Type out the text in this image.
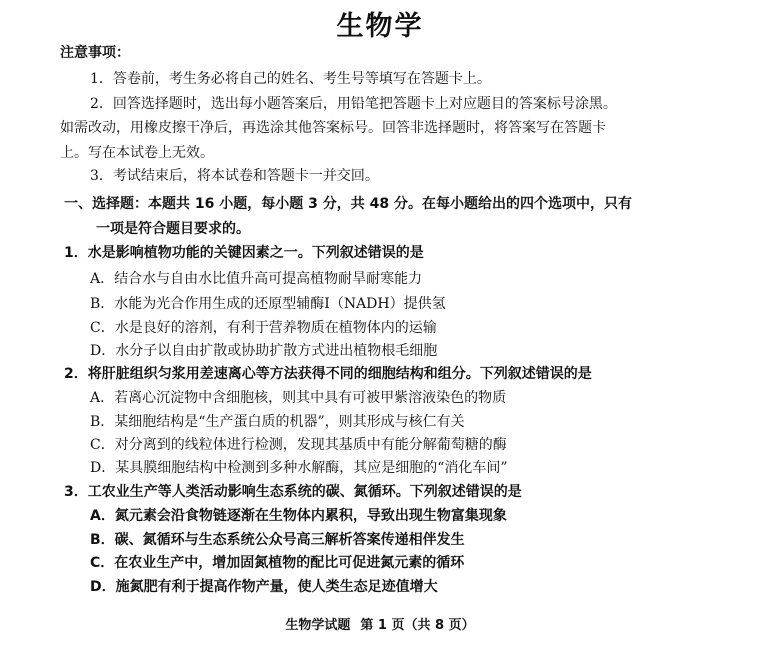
生物学
注意事项：
1．答卷前，考生务必将自己的姓名、考生号等填写在答题卡上。
2．回答选择题时，选出每小题答案后，用铅笔把答题卡上对应题目的答案标号涂黑。
如需改动，用橡皮擦干净后，再选涂其他答案标号。回答非选择题时，将答案写在答题卡
上。写在本试卷上无效。
3．考试结束后，将本试卷和答题卡一并交回。
一、选择题：本题共 16 小题，每小题 3 分，共 48 分。在每小题给出的四个选项中，只有
一项是符合题目要求的。
1．水是影响植物功能的关键因素之一。下列叙述错误的是
A．结合水与自由水比值升高可提高植物耐旱耐寒能力
B．水能为光合作用生成的还原型辅酶Ⅰ（NADH）提供氢
C．水是良好的溶剂，有利于营养物质在植物体内的运输
D．水分子以自由扩散或协助扩散方式进出植物根毛细胞
2．将肝脏组织匀浆用差速离心等方法获得不同的细胞结构和组分。下列叙述错误的是
A．若离心沉淀物中含细胞核，则其中具有可被甲紫溶液染色的物质
B．某细胞结构是“生产蛋白质的机器”，则其形成与核仁有关
C．对分离到的线粒体进行检测，发现其基质中有能分解葡萄糖的酶
D．某具膜细胞结构中检测到多种水解酶，其应是细胞的“消化车间”
3．工农业生产等人类活动影响生态系统的碳、氮循环。下列叙述错误的是
A．氮元素会沿食物链逐渐在生物体内累积，导致出现生物富集现象
B．碳、氮循环与生态系统公众号高三解析答案传递相伴发生
C．在农业生产中，增加固氮植物的配比可促进氮元素的循环
D．施氮肥有利于提高作物产量，使人类生态足迹值增大
生物学试题 第 1 页（共 8 页）
